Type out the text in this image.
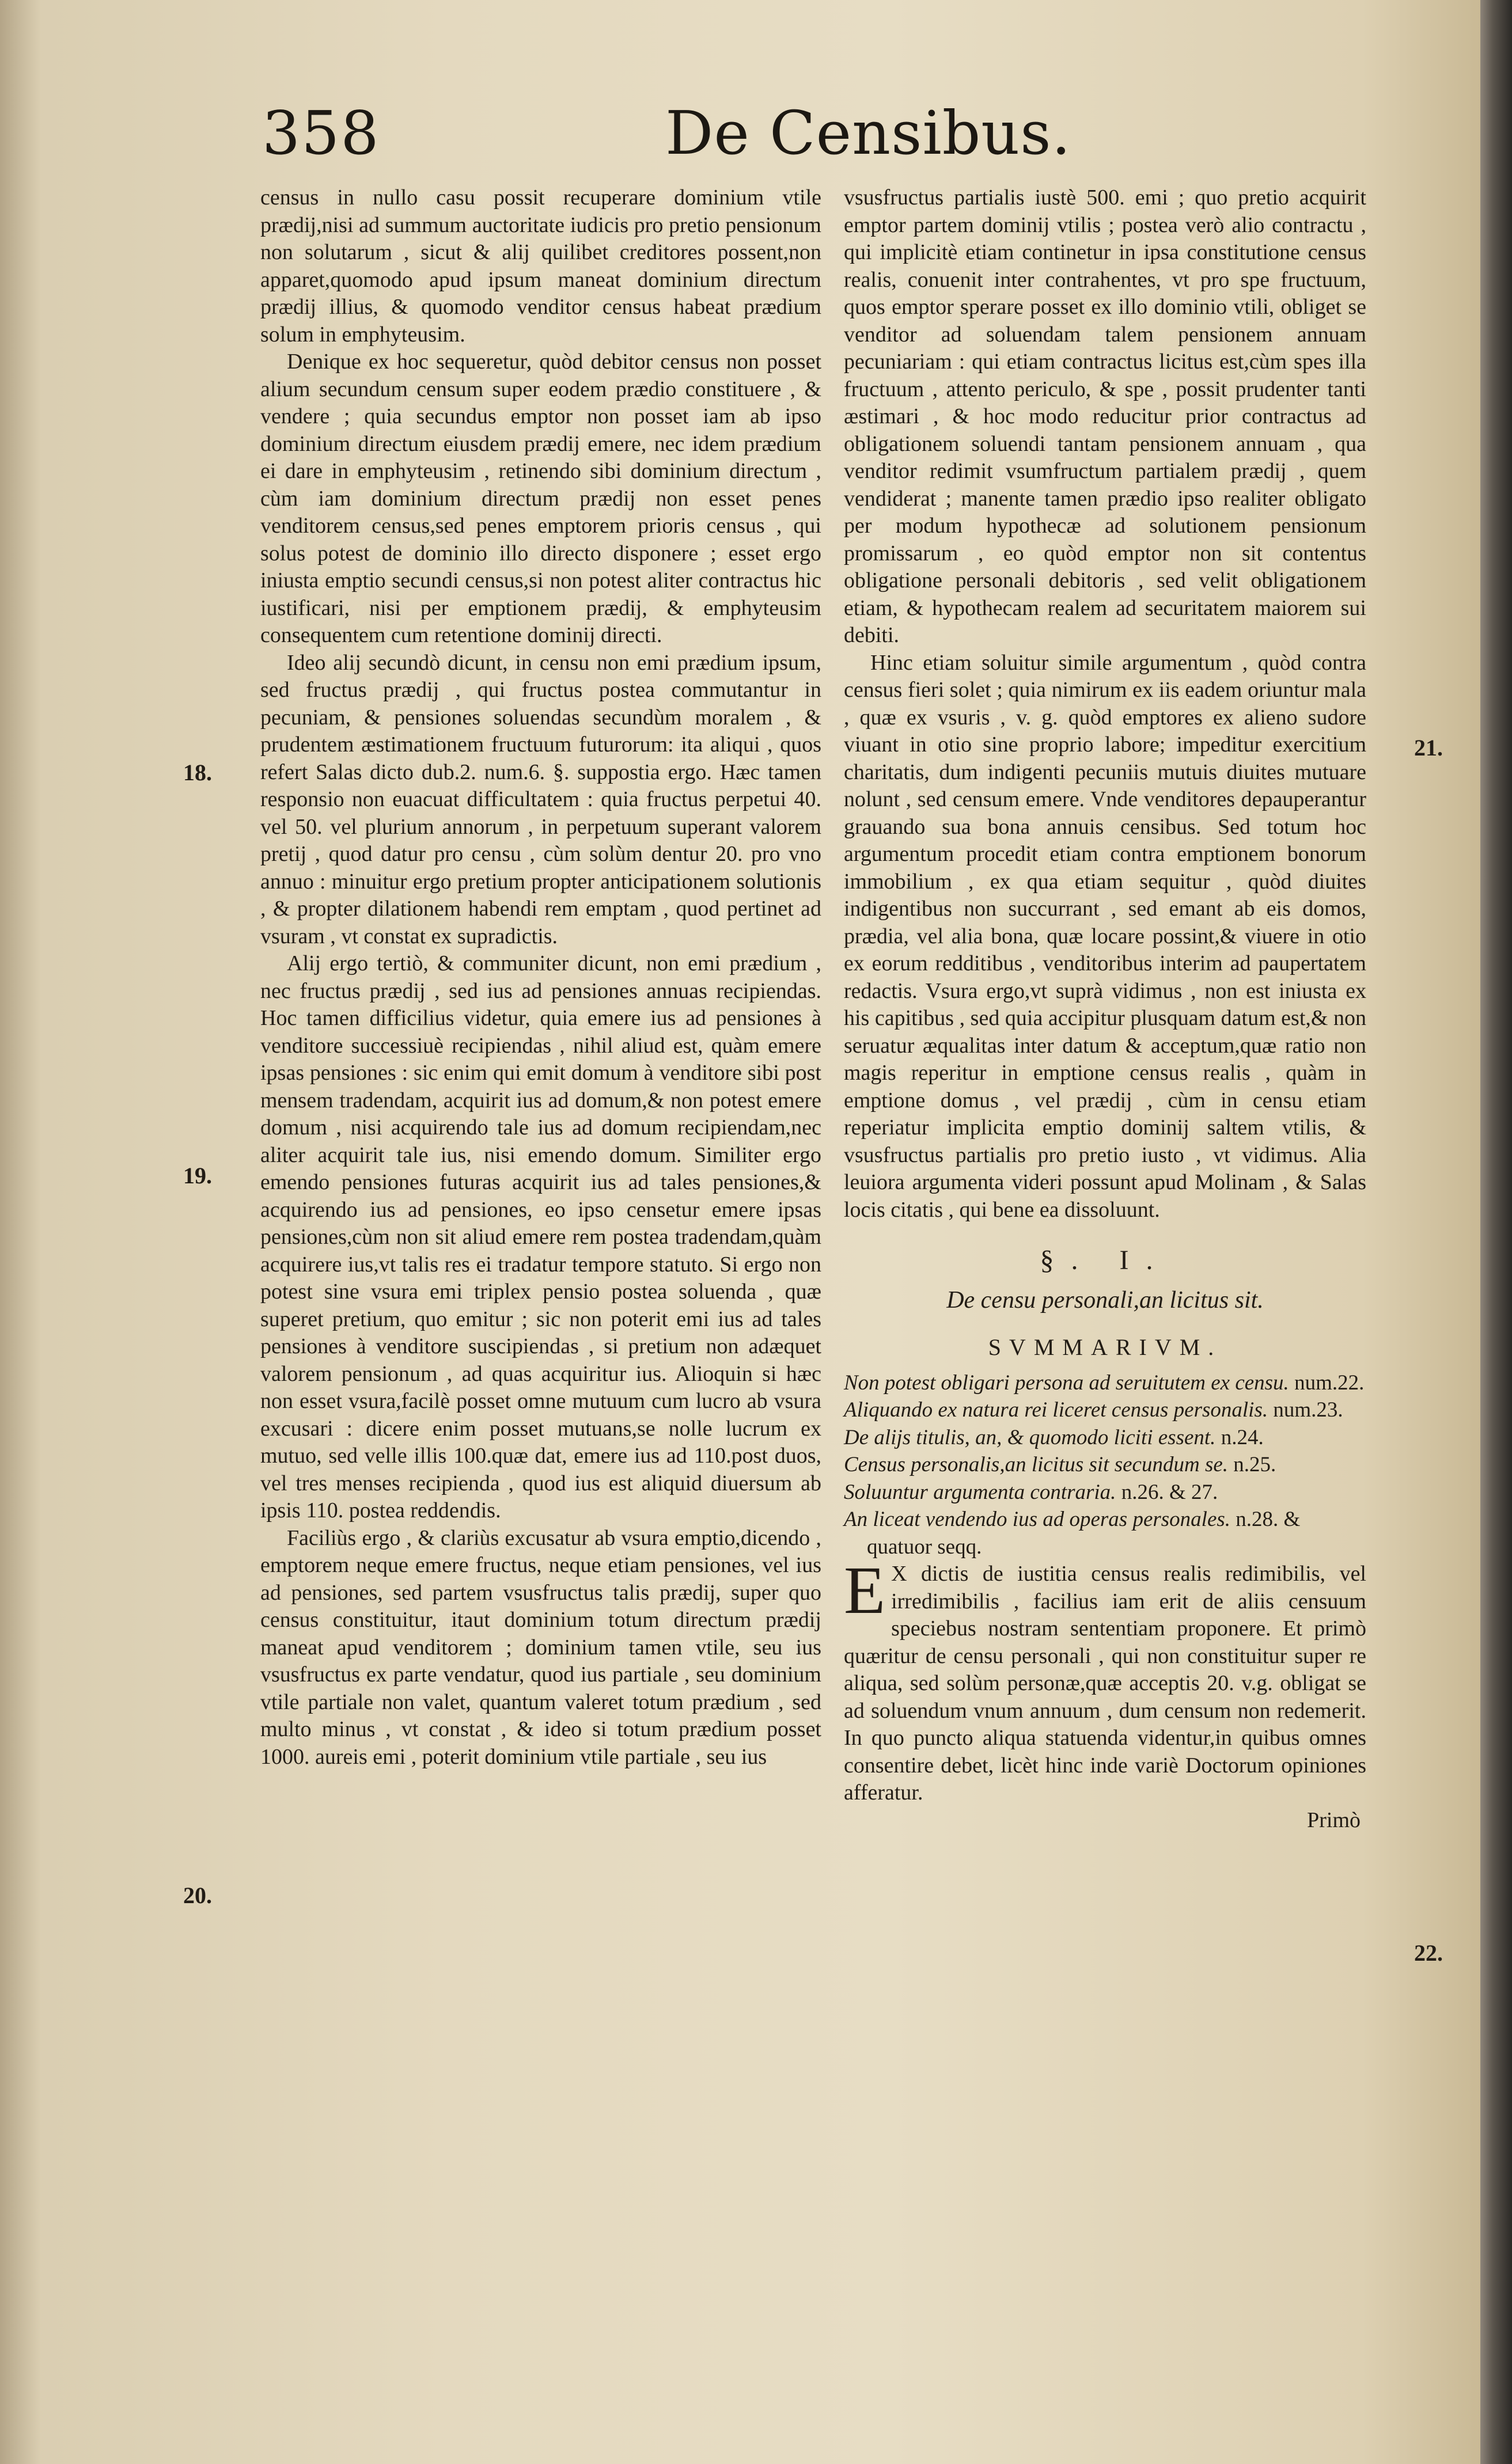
358	De Censibus.
18.
19.
20.
21.
22.

census in nullo casu possit recuperare dominium vtile prædij,nisi ad summum auctoritate iudicis pro pretio pensionum non solutarum , sicut & alij quilibet creditores possent,non apparet,quomodo apud ipsum maneat dominium directum prædij illius, & quomodo venditor census habeat prædium solum in emphyteusim.

Denique ex hoc sequeretur, quòd debitor census non posset alium secundum censum super eodem prædio constituere , & vendere ; quia secundus emptor non posset iam ab ipso dominium directum eiusdem prædij emere, nec idem prædium ei dare in emphyteusim , retinendo sibi dominium directum , cùm iam dominium directum prædij non esset penes venditorem census,sed penes emptorem prioris census , qui solus potest de dominio illo directo disponere ; esset ergo iniusta emptio secundi census,si non potest aliter contractus hic iustificari, nisi per emptionem prædij, & emphyteusim consequentem cum retentione dominij directi.

Ideo alij secundò dicunt, in censu non emi prædium ipsum, sed fructus prædij , qui fructus postea commutantur in pecuniam, & pensiones soluendas secundùm moralem , & prudentem æstimationem fructuum futurorum: ita aliqui , quos refert Salas dicto dub.2. num.6. §. suppostia ergo. Hæc tamen responsio non euacuat difficultatem : quia fructus perpetui 40. vel 50. vel plurium annorum , in perpetuum superant valorem pretij , quod datur pro censu , cùm solùm dentur 20. pro vno annuo : minuitur ergo pretium propter anticipationem solutionis , & propter dilationem habendi rem emptam , quod pertinet ad vsuram , vt constat ex supradictis.

Alij ergo tertiò, & communiter dicunt, non emi prædium , nec fructus prædij , sed ius ad pensiones annuas recipiendas. Hoc tamen difficilius videtur, quia emere ius ad pensiones à venditore successiuè recipiendas , nihil aliud est, quàm emere ipsas pensiones : sic enim qui emit domum à venditore sibi post mensem tradendam, acquirit ius ad domum,& non potest emere domum , nisi acquirendo tale ius ad domum recipiendam,nec aliter acquirit tale ius, nisi emendo domum. Similiter ergo emendo pensiones futuras acquirit ius ad tales pensiones,& acquirendo ius ad pensiones, eo ipso censetur emere ipsas pensiones,cùm non sit aliud emere rem postea tradendam,quàm acquirere ius,vt talis res ei tradatur tempore statuto. Si ergo non potest sine vsura emi triplex pensio postea soluenda , quæ superet pretium, quo emitur ; sic non poterit emi ius ad tales pensiones à venditore suscipiendas , si pretium non adæquet valorem pensionum , ad quas acquiritur ius. Alioquin si hæc non esset vsura,facilè posset omne mutuum cum lucro ab vsura excusari : dicere enim posset mutuans,se nolle lucrum ex mutuo, sed velle illis 100.quæ dat, emere ius ad 110.post duos, vel tres menses recipienda , quod ius est aliquid diuersum ab ipsis 110. postea reddendis.

Faciliùs ergo , & clariùs excusatur ab vsura emptio,dicendo , emptorem neque emere fructus, neque etiam pensiones, vel ius ad pensiones, sed partem vsusfructus talis prædij, super quo census constituitur, itaut dominium totum directum prædij maneat apud venditorem ; dominium tamen vtile, seu ius vsusfructus ex parte vendatur, quod ius partiale , seu dominium vtile partiale non valet, quantum valeret totum prædium , sed multo minus , vt constat , & ideo si totum prædium posset 1000. aureis emi , poterit dominium vtile partiale , seu ius

vsusfructus partialis iustè 500. emi ; quo pretio acquirit emptor partem dominij vtilis ; postea verò alio contractu , qui implicitè etiam continetur in ipsa constitutione census realis, conuenit inter contrahentes, vt pro spe fructuum, quos emptor sperare posset ex illo dominio vtili, obliget se venditor ad soluendam talem pensionem annuam pecuniariam : qui etiam contractus licitus est,cùm spes illa fructuum , attento periculo, & spe , possit prudenter tanti æstimari , & hoc modo reducitur prior contractus ad obligationem soluendi tantam pensionem annuam , qua venditor redimit vsumfructum partialem prædij , quem vendiderat ; manente tamen prædio ipso realiter obligato per modum hypothecæ ad solutionem pensionum promissarum , eo quòd emptor non sit contentus obligatione personali debitoris , sed velit obligationem etiam, & hypothecam realem ad securitatem maiorem sui debiti.

Hinc etiam soluitur simile argumentum , quòd contra census fieri solet ; quia nimirum ex iis eadem oriuntur mala , quæ ex vsuris , v. g. quòd emptores ex alieno sudore viuant in otio sine proprio labore; impeditur exercitium charitatis, dum indigenti pecuniis mutuis diuites mutuare nolunt , sed censum emere. Vnde venditores depauperantur grauando sua bona annuis censibus. Sed totum hoc argumentum procedit etiam contra emptionem bonorum immobilium , ex qua etiam sequitur , quòd diuites indigentibus non succurrant , sed emant ab eis domos, prædia, vel alia bona, quæ locare possint,& viuere in otio ex eorum redditibus , venditoribus interim ad paupertatem redactis. Vsura ergo,vt suprà vidimus , non est iniusta ex his capitibus , sed quia accipitur plusquam datum est,& non seruatur æqualitas inter datum & acceptum,quæ ratio non magis reperitur in emptione census realis , quàm in emptione domus , vel prædij , cùm in censu etiam reperiatur implicita emptio dominij saltem vtilis, & vsusfructus partialis pro pretio iusto , vt vidimus. Alia leuiora argumenta videri possunt apud Molinam , & Salas locis citatis , qui bene ea dissoluunt.

§. I.
De censu personali,an licitus sit.
SVMMARIVM.
Non potest obligari persona ad seruitutem ex censu. num.22.
Aliquando ex natura rei liceret census personalis. num.23.
De alijs titulis, an, & quomodo liciti essent. n.24.
Census personalis,an licitus sit secundum se. n.25.
Soluuntur argumenta contraria. n.26. & 27.
An liceat vendendo ius ad operas personales. n.28. & quatuor seqq.

E X dictis de iustitia census realis redimibilis, vel irredimibilis , facilius iam erit de aliis censuum speciebus nostram sententiam proponere. Et primò quæritur de censu personali , qui non constituitur super re aliqua, sed solùm personæ,quæ acceptis 20. v.g. obligat se ad soluendum vnum annuum , dum censum non redemerit. In quo puncto aliqua statuenda videntur,in quibus omnes consentire debet, licèt hinc inde variè Doctorum opiniones afferatur.

Primò
